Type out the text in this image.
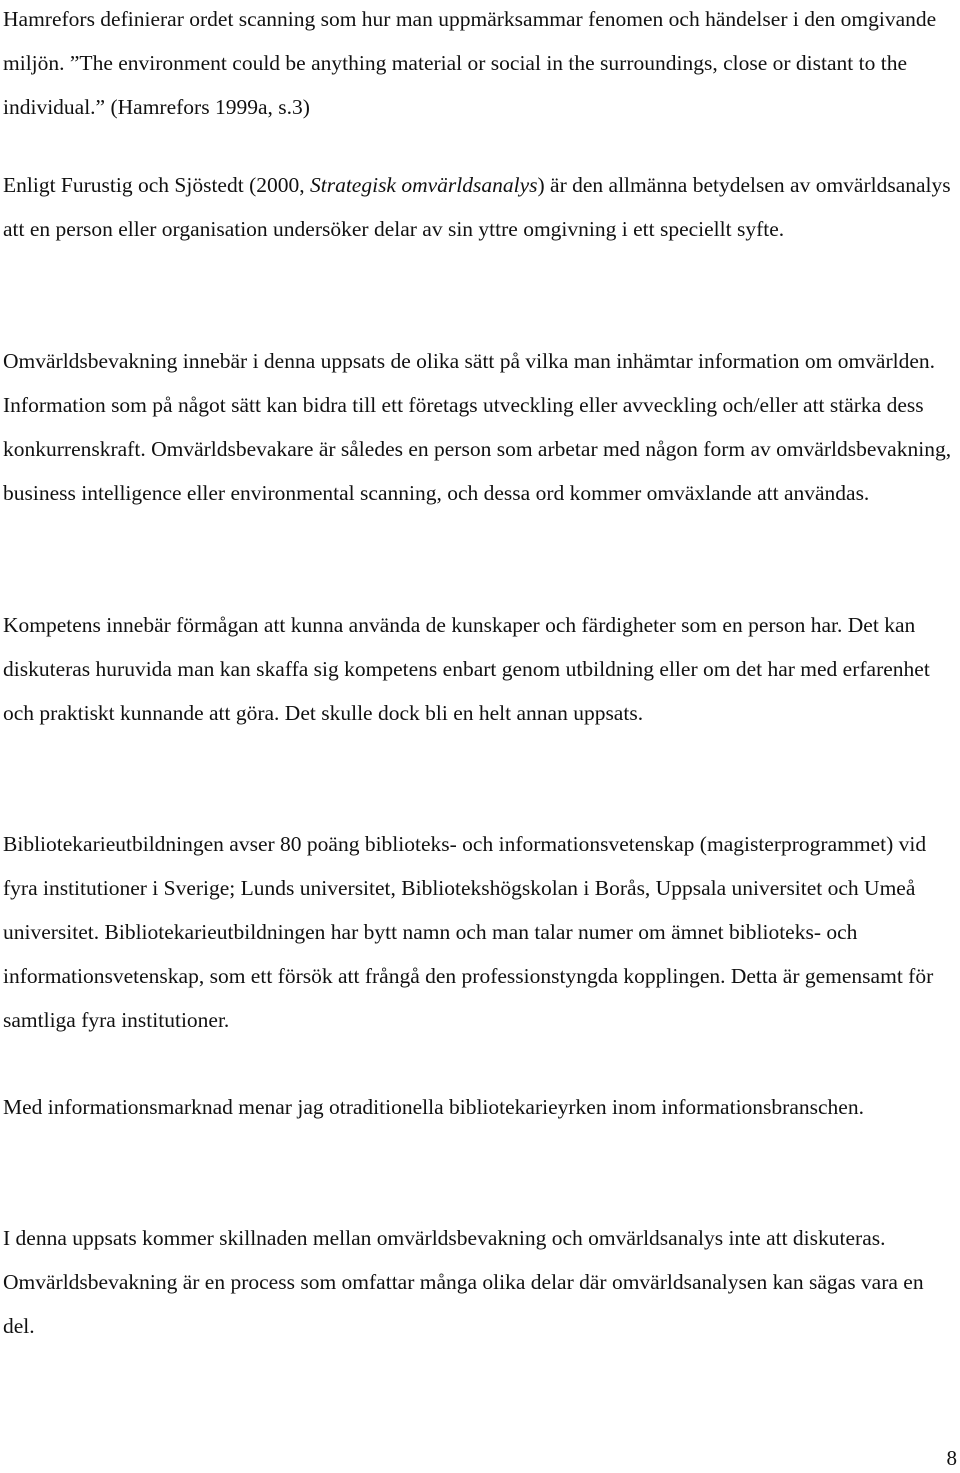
Hamrefors definierar ordet scanning som hur man uppmärksammar fenomen och händelser i den omgivande miljön. ”The environment could be anything material or social in the surroundings, close or distant to the individual.” (Hamrefors 1999a, s.3)

Enligt Furustig och Sjöstedt (2000, Strategisk omvärldsanalys) är den allmänna betydelsen av omvärldsanalys att en person eller organisation undersöker delar av sin yttre omgivning i ett speciellt syfte.

Omvärldsbevakning innebär i denna uppsats de olika sätt på vilka man inhämtar information om omvärlden. Information som på något sätt kan bidra till ett företags utveckling eller avveckling och/eller att stärka dess konkurrenskraft. Omvärldsbevakare är således en person som arbetar med någon form av omvärldsbevakning, business intelligence eller environmental scanning, och dessa ord kommer omväxlande att användas.

Kompetens innebär förmågan att kunna använda de kunskaper och färdigheter som en person har. Det kan diskuteras huruvida man kan skaffa sig kompetens enbart genom utbildning eller om det har med erfarenhet och praktiskt kunnande att göra. Det skulle dock bli en helt annan uppsats.

Bibliotekarieutbildningen avser 80 poäng biblioteks- och informationsvetenskap (magisterprogrammet) vid fyra institutioner i Sverige; Lunds universitet, Bibliotekshögskolan i Borås, Uppsala universitet och Umeå universitet. Bibliotekarieutbildningen har bytt namn och man talar numer om ämnet biblioteks- och informationsvetenskap, som ett försök att frångå den professionstyngda kopplingen. Detta är gemensamt för samtliga fyra institutioner.

Med informationsmarknad menar jag otraditionella bibliotekarieyrken inom informationsbranschen.

I denna uppsats kommer skillnaden mellan omvärldsbevakning och omvärldsanalys inte att diskuteras. Omvärldsbevakning är en process som omfattar många olika delar där omvärldsanalysen kan sägas vara en del.

8
